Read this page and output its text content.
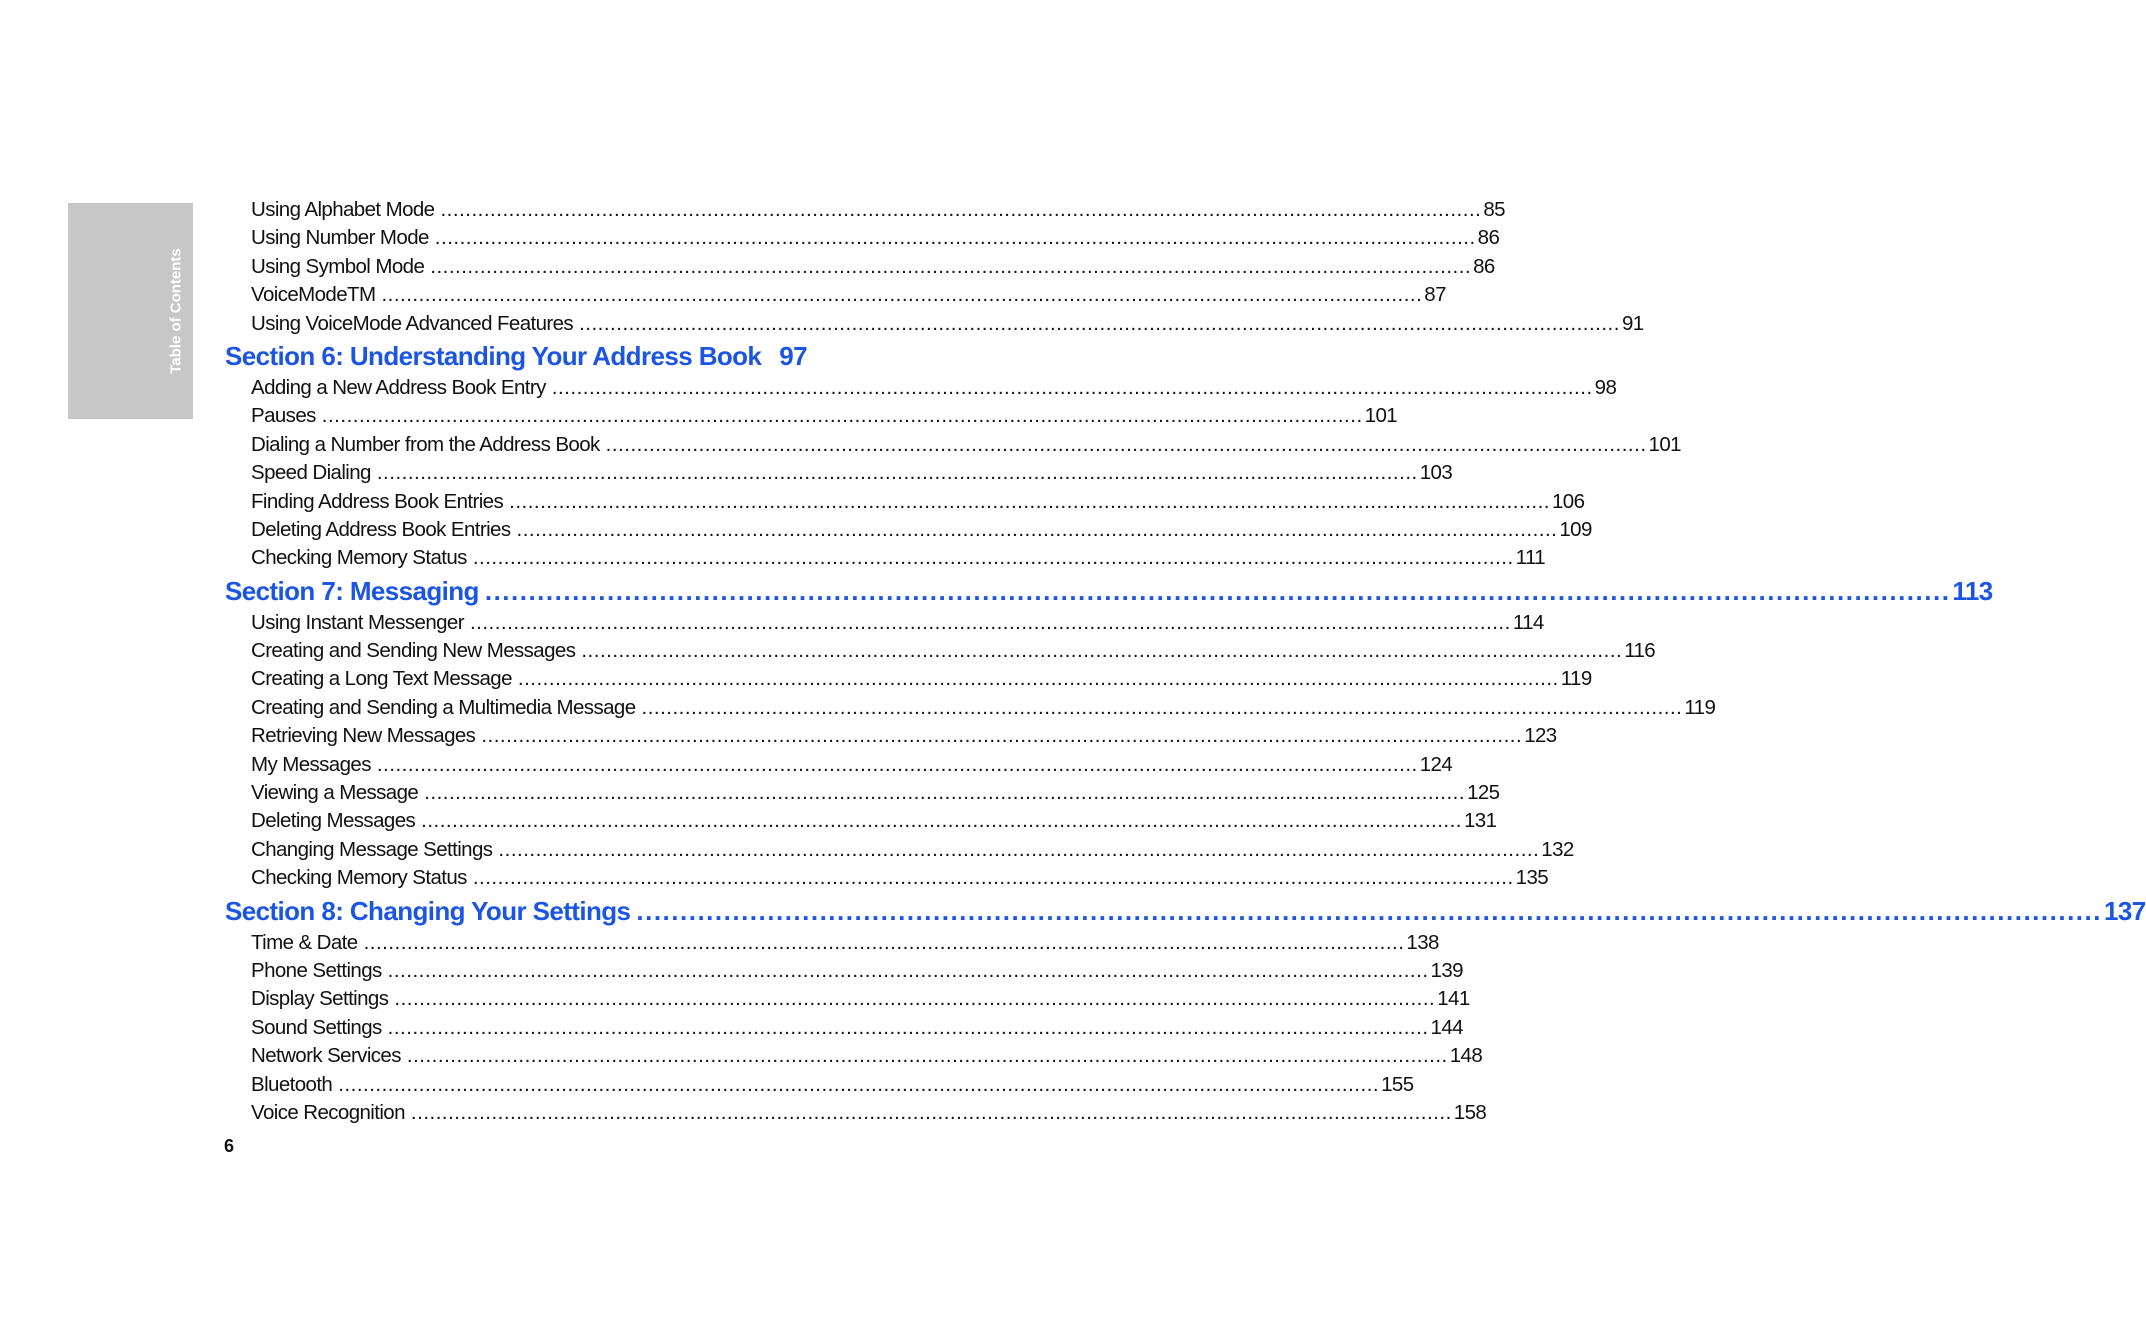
Table of Contents
Using Alphabet Mode .....	85
Using Number Mode .....	86
Using Symbol Mode .....	86
VoiceModeTM .....	87
Using VoiceMode Advanced Features .....	91
Section 6: Understanding Your Address Book 97
Adding a New Address Book Entry .....	98
Pauses .....	101
Dialing a Number from the Address Book .....	101
Speed Dialing .....	103
Finding Address Book Entries .....	106
Deleting Address Book Entries .....	109
Checking Memory Status .....	111
Section 7: Messaging .....	113
Using Instant Messenger .....	114
Creating and Sending New Messages .....	116
Creating a Long Text Message .....	119
Creating and Sending a Multimedia Message .....	119
Retrieving New Messages .....	123
My Messages .....	124
Viewing a Message .....	125
Deleting Messages .....	131
Changing Message Settings .....	132
Checking Memory Status .....	135
Section 8: Changing Your Settings .....	137
Time & Date .....	138
Phone Settings .....	139
Display Settings .....	141
Sound Settings .....	144
Network Services .....	148
Bluetooth .....	155
Voice Recognition .....	158
6
